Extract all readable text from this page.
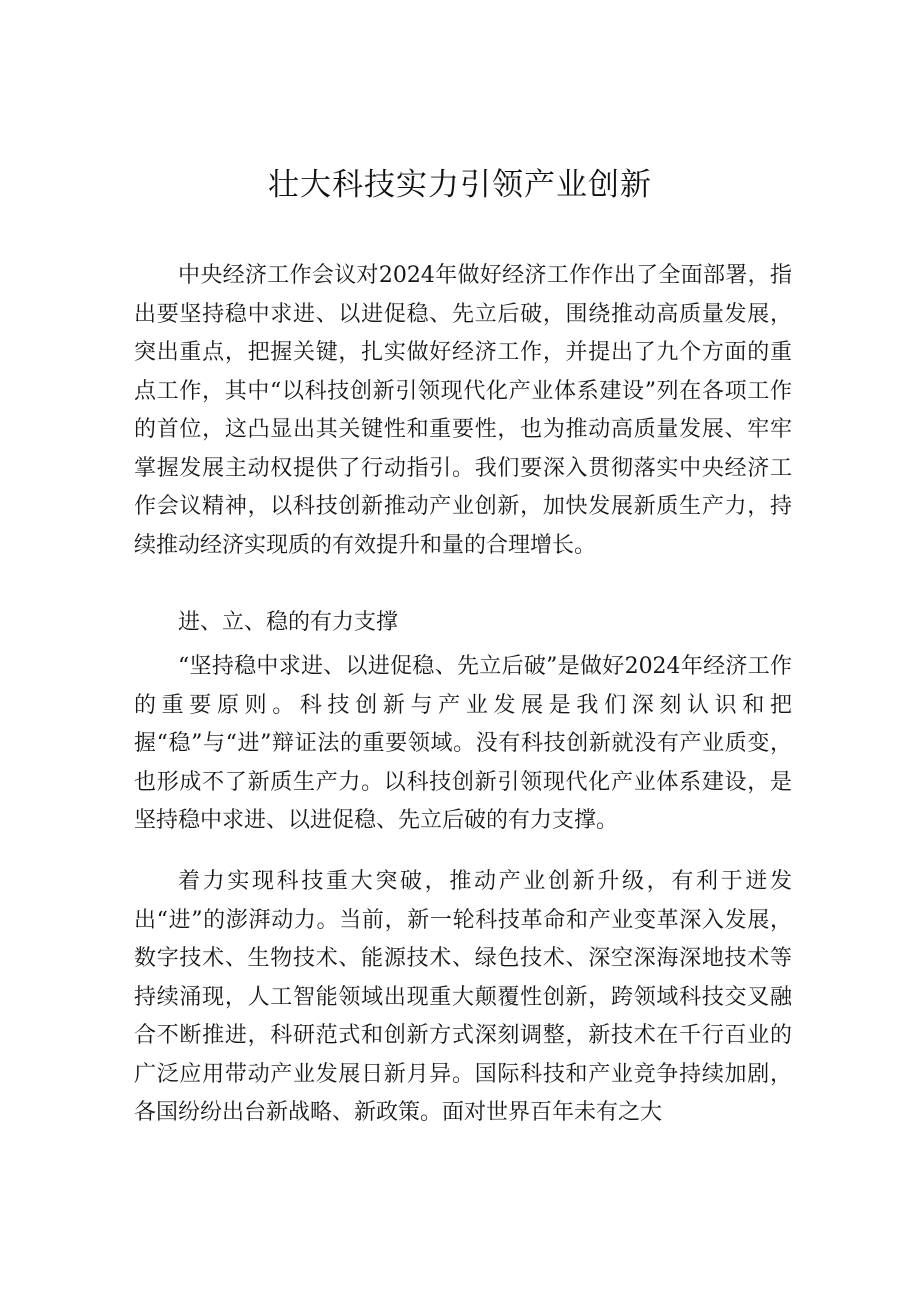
壮大科技实力引领产业创新

中央经济工作会议对2024年做好经济工作作出了全面部署，指出要坚持稳中求进、以进促稳、先立后破，围绕推动高质量发展，突出重点，把握关键，扎实做好经济工作，并提出了九个方面的重点工作，其中“以科技创新引领现代化产业体系建设”列在各项工作的首位，这凸显出其关键性和重要性，也为推动高质量发展、牢牢掌握发展主动权提供了行动指引。我们要深入贯彻落实中央经济工作会议精神，以科技创新推动产业创新，加快发展新质生产力，持续推动经济实现质的有效提升和量的合理增长。

进、立、稳的有力支撑

“坚持稳中求进、以进促稳、先立后破”是做好2024年经济工作的重要原则。科技创新与产业发展是我们深刻认识和把握“稳”与“进”辩证法的重要领域。没有科技创新就没有产业质变，也形成不了新质生产力。以科技创新引领现代化产业体系建设，是坚持稳中求进、以进促稳、先立后破的有力支撑。

着力实现科技重大突破，推动产业创新升级，有利于迸发出“进”的澎湃动力。当前，新一轮科技革命和产业变革深入发展，数字技术、生物技术、能源技术、绿色技术、深空深海深地技术等持续涌现，人工智能领域出现重大颠覆性创新，跨领域科技交叉融合不断推进，科研范式和创新方式深刻调整，新技术在千行百业的广泛应用带动产业发展日新月异。国际科技和产业竞争持续加剧，各国纷纷出台新战略、新政策。面对世界百年未有之大
